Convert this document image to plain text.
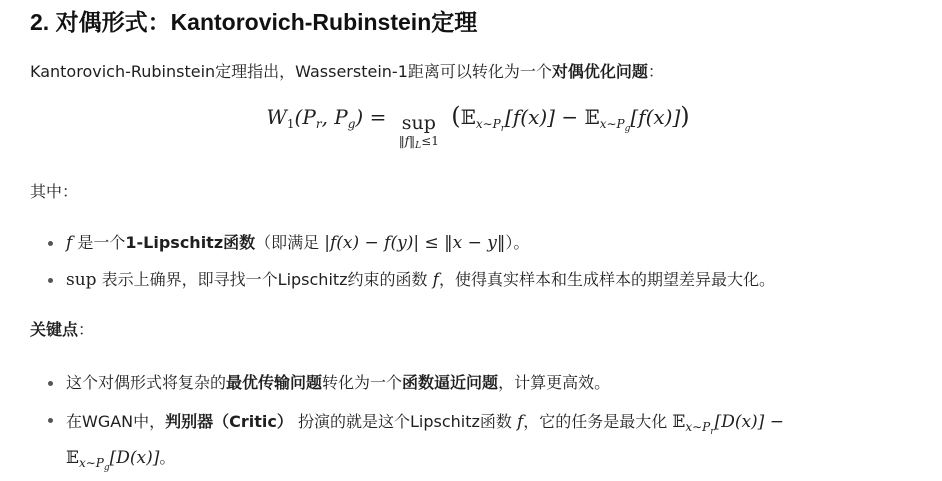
2. 对偶形式：Kantorovich-Rubinstein定理
Kantorovich-Rubinstein定理指出，Wasserstein-1距离可以转化为一个对偶优化问题：
$W_1(P_r$, $P_g$) = sup
$‖f‖_L\le 1$
(𝔼$_{x\sim P_r}$[f(x)] − 𝔼$_{x\sim P_g}$[f(x)])
其中：
f 是一个1-Lipschitz函数（即满足 |f(x) − f(y)| ≤ ‖x − y‖）。
sup 表示上确界，即寻找一个Lipschitz约束的函数 f，使得真实样本和生成样本的期望差异最大化。
关键点：
这个对偶形式将复杂的最优传输问题转化为一个函数逼近问题，计算更高效。
在WGAN中，判别器（Critic） 扮演的就是这个Lipschitz函数 f，它的任务是最大化 𝔼$_{x\sim P_r}$[D(x)] −
𝔼$_{x\sim P_g}$[D(x)]。
